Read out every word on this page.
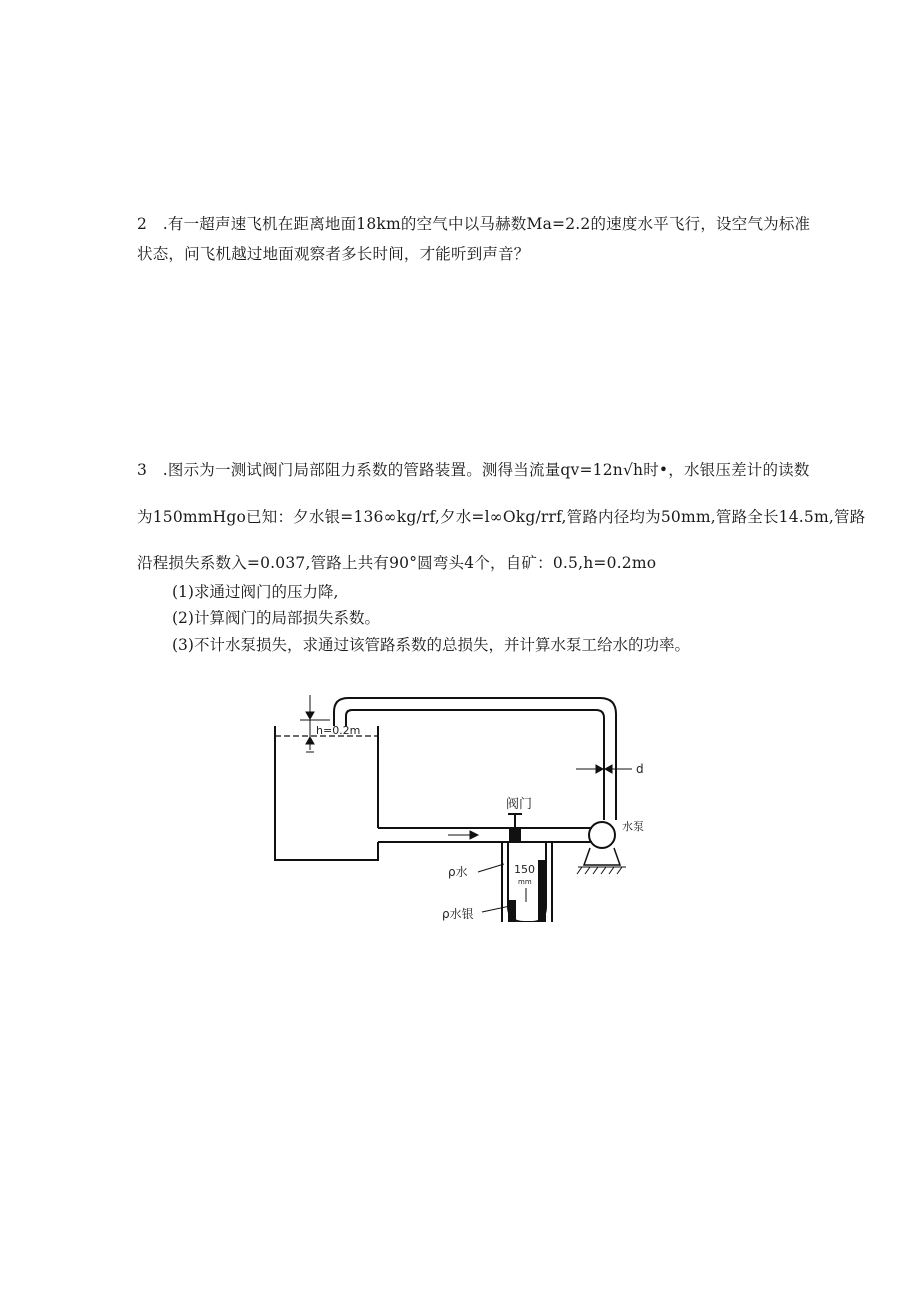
2　.有一超声速飞机在距离地面18km的空气中以马赫数Ma=2.2的速度水平飞行，设空气为标准
状态，问飞机越过地面观察者多长时间，才能听到声音？
3　.图示为一测试阀门局部阻力系数的管路装置。测得当流量qv=12n√h时•，水银压差计的读数
为150mmHgo已知：夕水银=136∞kg/rf,夕水=l∞Okg/rrf,管路内径均为50mm,管路全长14.5m,管路
沿程损失系数入=0.037,管路上共有90°圆弯头4个，自矿：0.5,h=0.2mo
(1)求通过阀门的压力降,
(2)计算阀门的局部损失系数。
(3)不计水泵损失，求通过该管路系数的总损失，并计算水泵工给水的功率。
h=0.2m
d
阀门
水泵
150
mm
ρ水
ρ水银
